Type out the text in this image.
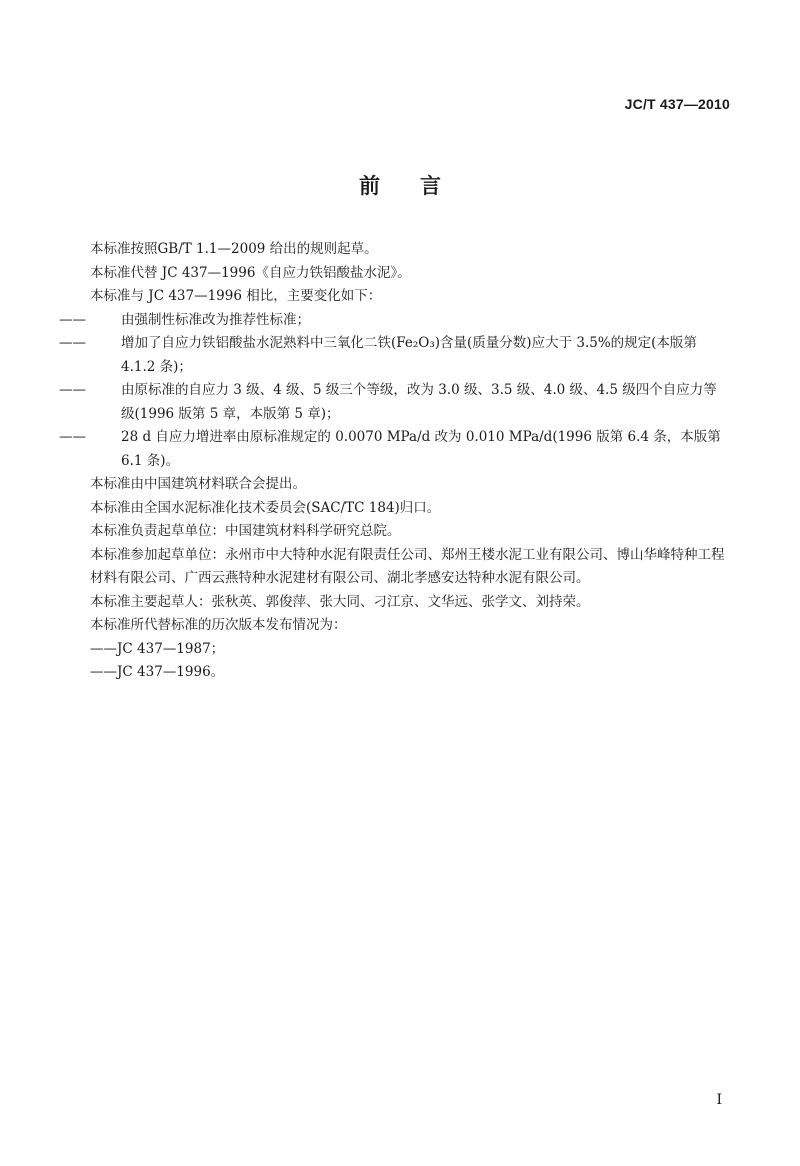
JC/T 437—2010
前 言

本标准按照GB/T 1.1—2009 给出的规则起草。

本标准代替 JC 437—1996《自应力铁铝酸盐水泥》。

本标准与 JC 437—1996 相比，主要变化如下：

——	由强制性标准改为推荐性标准；

——	增加了自应力铁铝酸盐水泥熟料中三氧化二铁(Fe₂O₃)含量(质量分数)应大于 3.5%的规定(本版第 4.1.2 条)；

——	由原标准的自应力 3 级、4 级、5 级三个等级，改为 3.0 级、3.5 级、4.0 级、4.5 级四个自应力等级(1996 版第 5 章，本版第 5 章)；

——	28 d 自应力增进率由原标准规定的 0.0070 MPa/d 改为 0.010 MPa/d(1996 版第 6.4 条，本版第 6.1 条)。

本标准由中国建筑材料联合会提出。

本标准由全国水泥标准化技术委员会(SAC/TC 184)归口。

本标准负责起草单位：中国建筑材料科学研究总院。

本标准参加起草单位：永州市中大特种水泥有限责任公司、郑州王楼水泥工业有限公司、博山华峰特种工程材料有限公司、广西云燕特种水泥建材有限公司、湖北孝感安达特种水泥有限公司。

本标准主要起草人：张秋英、郭俊萍、张大同、刁江京、文华远、张学文、刘持荣。

本标准所代替标准的历次版本发布情况为：

——JC 437—1987；

——JC 437—1996。

I
